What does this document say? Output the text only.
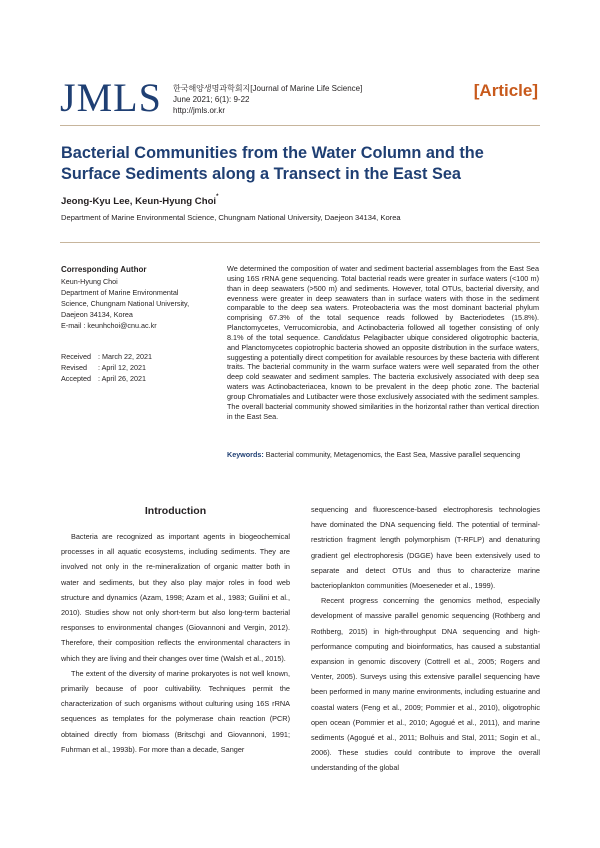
JMLS 한국해양생명과학회지[Journal of Marine Life Science]
June 2021; 6(1): 9-22
http://jmls.or.kr
[Article]
Bacterial Communities from the Water Column and the
Surface Sediments along a Transect in the East Sea
Jeong-Kyu Lee, Keun-Hyung Choi*
Department of Marine Environmental Science, Chungnam National University, Daejeon 34134, Korea
Corresponding Author
Keun-Hyung Choi
Department of Marine Environmental
Science, Chungnam National University,
Daejeon 34134, Korea
E-mail : keunhchoi@cnu.ac.kr
Received : March 22, 2021
Revised : April 12, 2021
Accepted : April 26, 2021
We determined the composition of water and sediment bacterial assemblages from the East Sea using 16S rRNA gene sequencing. Total bacterial reads were greater in surface waters (<100 m) than in deep seawaters (>500 m) and sediments. However, total OTUs, bacterial diversity, and evenness were greater in deep seawaters than in surface waters with those in the sediment comparable to the deep sea waters. Proteobacteria was the most dominant bacterial phylum comprising 67.3% of the total sequence reads followed by Bacteriodetes (15.8%). Planctomycetes, Verrucomicrobia, and Actinobacteria followed all together consisting of only 8.1% of the total sequence. Candidatus Pelagibacter ubique considered oligotrophic bacteria, and Planctomycetes copiotrophic bacteria showed an opposite distribution in the surface waters, suggesting a potentially direct competition for available resources by these bacteria with different traits. The bacterial community in the warm surface waters were well separated from the other deep cold seawater and sediment samples. The bacteria exclusively associated with deep sea waters was Actinobacteriacea, known to be prevalent in the deep photic zone. The bacterial group Chromatiales and Lutibacter were those exclusively associated with the sediment samples. The overall bacterial community showed similarities in the horizontal rather than vertical direction in the East Sea.
Keywords: Bacterial community, Metagenomics, the East Sea, Massive parallel sequencing
Introduction

Bacteria are recognized as important agents in biogeochemical processes in all aquatic ecosystems, including sediments. They are involved not only in the re-mineralization of organic matter both in water and sediments, but they also play major roles in food web structure and dynamics (Azam, 1998; Azam et al., 1983; Guilini et al., 2010). Studies show not only short-term but also long-term bacterial responses to environmental changes (Giovannoni and Vergin, 2012). Therefore, their composition reflects the environmental characters in which they are living and their changes over time (Walsh et al., 2015).

The extent of the diversity of marine prokaryotes is not well known, primarily because of poor cultivability. Techniques permit the characterization of such organisms without culturing using 16S rRNA sequences as templates for the polymerase chain reaction (PCR) obtained directly from biomass (Britschgi and Giovannoni, 1991; Fuhrman et al., 1993b). For more than a decade, Sanger

sequencing and fluorescence-based electrophoresis technologies have dominated the DNA sequencing field. The potential of terminal-restriction fragment length polymorphism (T-RFLP) and denaturing gradient gel electrophoresis (DGGE) have been extensively used to separate and detect OTUs and thus to characterize marine bacterioplankton communities (Moeseneder et al., 1999).

Recent progress concerning the genomics method, especially development of massive parallel genomic sequencing (Rothberg and Rothberg, 2015) in high-throughput DNA sequencing and high-performance computing and bioinformatics, has caused a substantial expansion in genomic discovery (Cottrell et al., 2005; Rogers and Venter, 2005). Surveys using this extensive parallel sequencing have been performed in many marine environments, including estuarine and coastal waters (Feng et al., 2009; Pommier et al., 2010), oligotrophic open ocean (Pommier et al., 2010; Agogué et al., 2011), and marine sediments (Agogué et al., 2011; Bolhuis and Stal, 2011; Sogin et al., 2006). These studies could contribute to improve the overall understanding of the global
